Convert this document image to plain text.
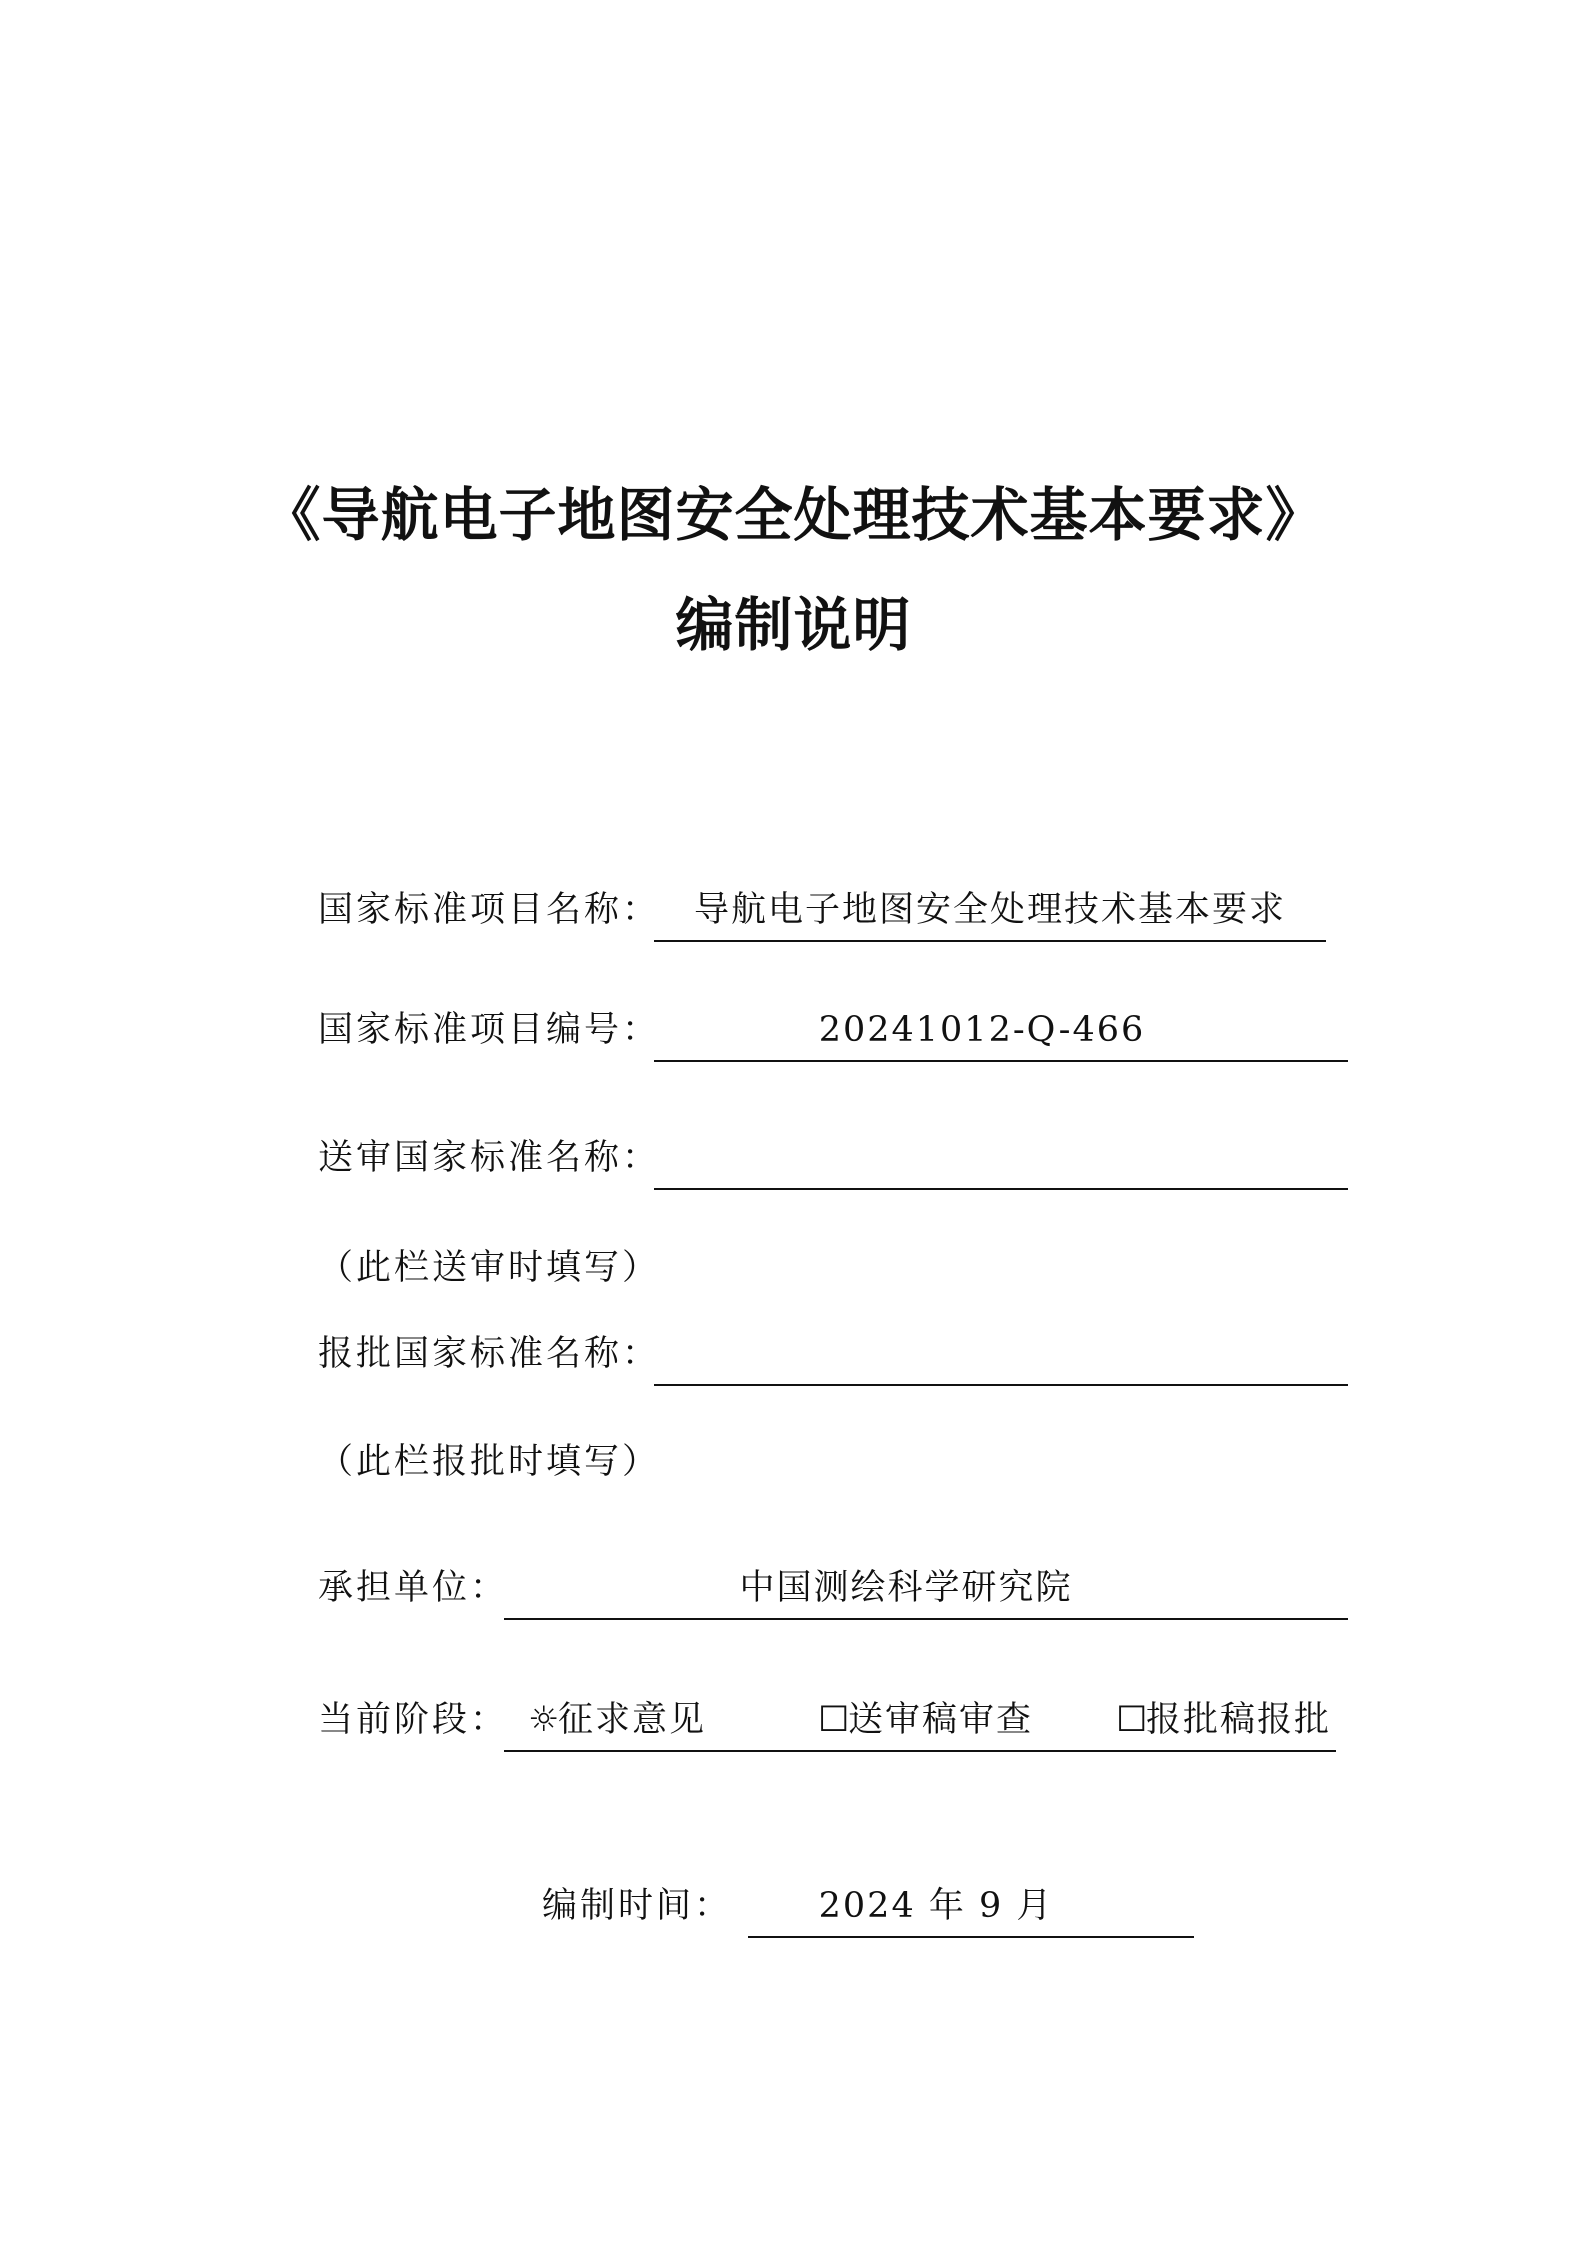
《导航电子地图安全处理技术基本要求》
编制说明
国家标准项目名称： 导航电子地图安全处理技术基本要求
国家标准项目编号：	20241012-Q-466
送审国家标准名称：
（此栏送审时填写）
报批国家标准名称：
（此栏报批时填写）
承担单位：	中国测绘科学研究院
当前阶段： ☼征求意见	☐送审稿审查 ☐报批稿报批
编制时间：	2024 年 9 月
